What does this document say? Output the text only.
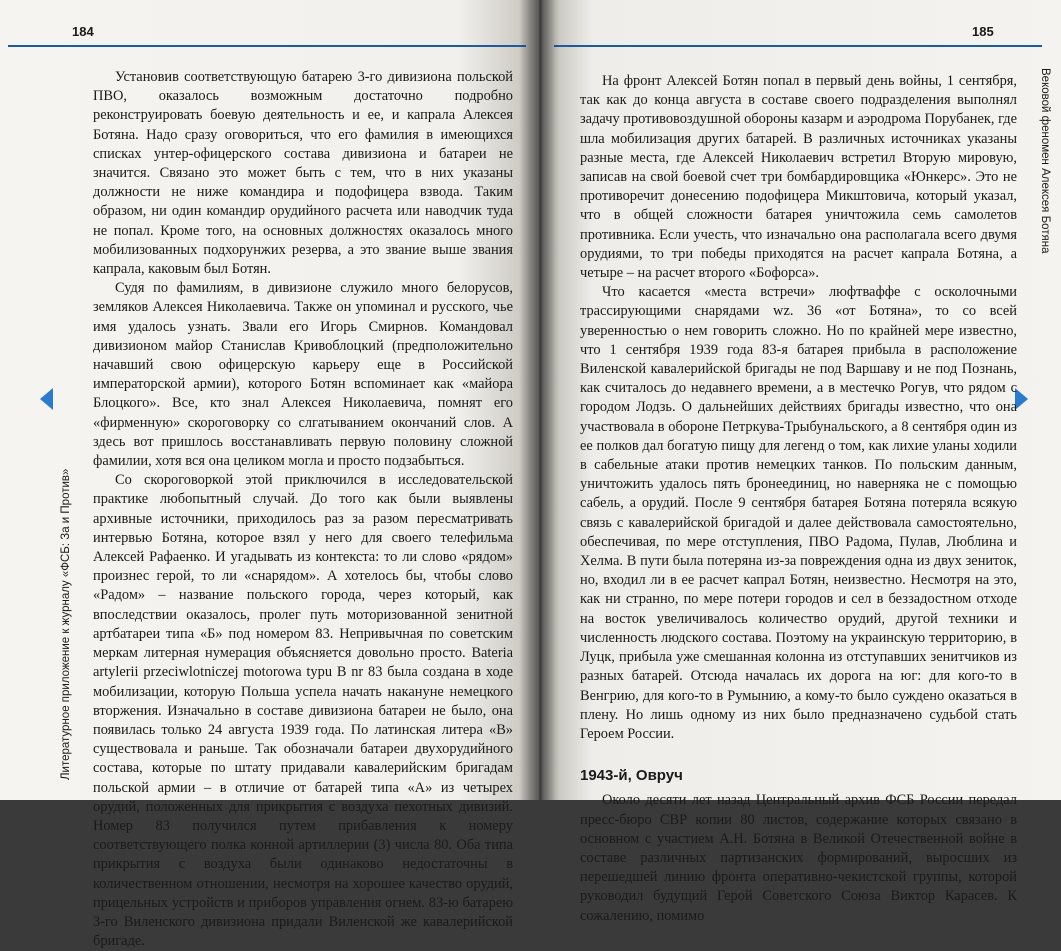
184
Литературное приложение к журналу «ФСБ: За и Против»

Установив соответствующую батарею 3-го дивизиона польской ПВО, оказалось возможным достаточно подробно реконструировать боевую деятельность и ее, и капрала Алексея Ботяна. Надо сразу оговориться, что его фамилия в имеющихся списках унтер-офицерского состава дивизиона и батареи не значится. Связано это может быть с тем, что в них указаны должности не ниже командира и подофицера взвода. Таким образом, ни один командир орудийного расчета или наводчик туда не попал. Кроме того, на основных должностях оказалось много мобилизованных подхорунжих резерва, а это звание выше звания капрала, каковым был Ботян.

Судя по фамилиям, в дивизионе служило много белорусов, земляков Алексея Николаевича. Также он упоминал и русского, чье имя удалось узнать. Звали его Игорь Смирнов. Командовал дивизионом майор Станислав Кривоблоцкий (предположительно начавший свою офицерскую карьеру еще в Российской императорской армии), которого Ботян вспоминает как «майора Блоцкого». Все, кто знал Алексея Николаевича, помнят его «фирменную» скороговорку со слгатыванием окончаний слов. А здесь вот пришлось восстанавливать первую половину сложной фамилии, хотя вся она целиком могла и просто подзабыться.

Со скороговоркой этой приключился в исследовательской практике любопытный случай. До того как были выявлены архивные источники, приходилось раз за разом пересматривать интервью Ботяна, которое взял у него для своего телефильма Алексей Рафаенко. И угадывать из контекста: то ли слово «рядом» произнес герой, то ли «снарядом». А хотелось бы, чтобы слово «Радом» – название польского города, через который, как впоследствии оказалось, пролег путь моторизованной зенитной артбатареи типа «Б» под номером 83. Непривычная по советским меркам литерная нумерация объясняется довольно просто. Bateria artylerii przeciwlotniczej motorowa typu B nr 83 была создана в ходе мобилизации, которую Польша успела начать накануне немецкого вторжения. Изначально в составе дивизиона батареи не было, она появилась только 24 августа 1939 года. По латинская литера «В» существовала и раньше. Так обозначали батареи двухорудийного состава, которые по штату придавали кавалерийским бригадам польской армии – в отличие от батарей типа «А» из четырех орудий, положенных для прикрытия с воздуха пехотных дивизий. Номер 83 получился путем прибавления к номеру соответствующего полка конной артиллерии (3) числа 80. Оба типа прикрытия с воздуха были одинаково недостаточны в количественном отношении, несмотря на хорошее качество орудий, прицельных устройств и приборов управления огнем. 83-ю батарею 3-го Виленского дивизиона придали Виленской же кавалерийской бригаде.

185
Вековой феномен Алексея Ботяна

На фронт Алексей Ботян попал в первый день войны, 1 сентября, так как до конца августа в составе своего подразделения выполнял задачу противовоздушной обороны казарм и аэродрома Порубанек, где шла мобилизация других батарей. В различных источниках указаны разные места, где Алексей Николаевич встретил Вторую мировую, записав на свой боевой счет три бомбардировщика «Юнкерс». Это не противоречит донесению подофицера Микштовича, который указал, что в общей сложности батарея уничтожила семь самолетов противника. Если учесть, что изначально она располагала всего двумя орудиями, то три победы приходятся на расчет капрала Ботяна, а четыре – на расчет второго «Бофорса».

Что касается «места встречи» люфтваффе с осколочными трассирующими снарядами wz. 36 «от Ботяна», то со всей уверенностью о нем говорить сложно. Но по крайней мере известно, что 1 сентября 1939 года 83-я батарея прибыла в расположение Виленской кавалерийской бригады не под Варшаву и не под Познань, как считалось до недавнего времени, а в местечко Рогув, что рядом с городом Лодзь. О дальнейших действиях бригады известно, что она участвовала в обороне Петркува-Трыбунальского, а 8 сентября один из ее полков дал богатую пищу для легенд о том, как лихие уланы ходили в сабельные атаки против немецких танков. По польским данным, уничтожить удалось пять бронеединиц, но наверняка не с помощью сабель, а орудий. После 9 сентября батарея Ботяна потеряла всякую связь с кавалерийской бригадой и далее действовала самостоятельно, обеспечивая, по мере отступления, ПВО Радома, Пулав, Люблина и Хелма. В пути была потеряна из-за повреждения одна из двух зениток, но, входил ли в ее расчет капрал Ботян, неизвестно. Несмотря на это, как ни странно, по мере потери городов и сел в беззадостном отходе на восток увеличивалось количество орудий, другой техники и численность людского состава. Поэтому на украинскую территорию, в Луцк, прибыла уже смешанная колонна из отступавших зенитчиков из разных батарей. Отсюда началась их дорога на юг: для кого-то в Венгрию, для кого-то в Румынию, а кому-то было суждено оказаться в плену. Но лишь одному из них было предназначено судьбой стать Героем России.

1943-й, Овруч

Около десяти лет назад Центральный архив ФСБ России передал пресс-бюро СВР копии 80 листов, содержание которых связано в основном с участием А.Н. Ботяна в Великой Отечественной войне в составе различных партизанских формирований, выросших из перешедшей линию фронта оперативно-чекистской группы, которой руководил будущий Герой Советского Союза Виктор Карасев. К сожалению, помимо
